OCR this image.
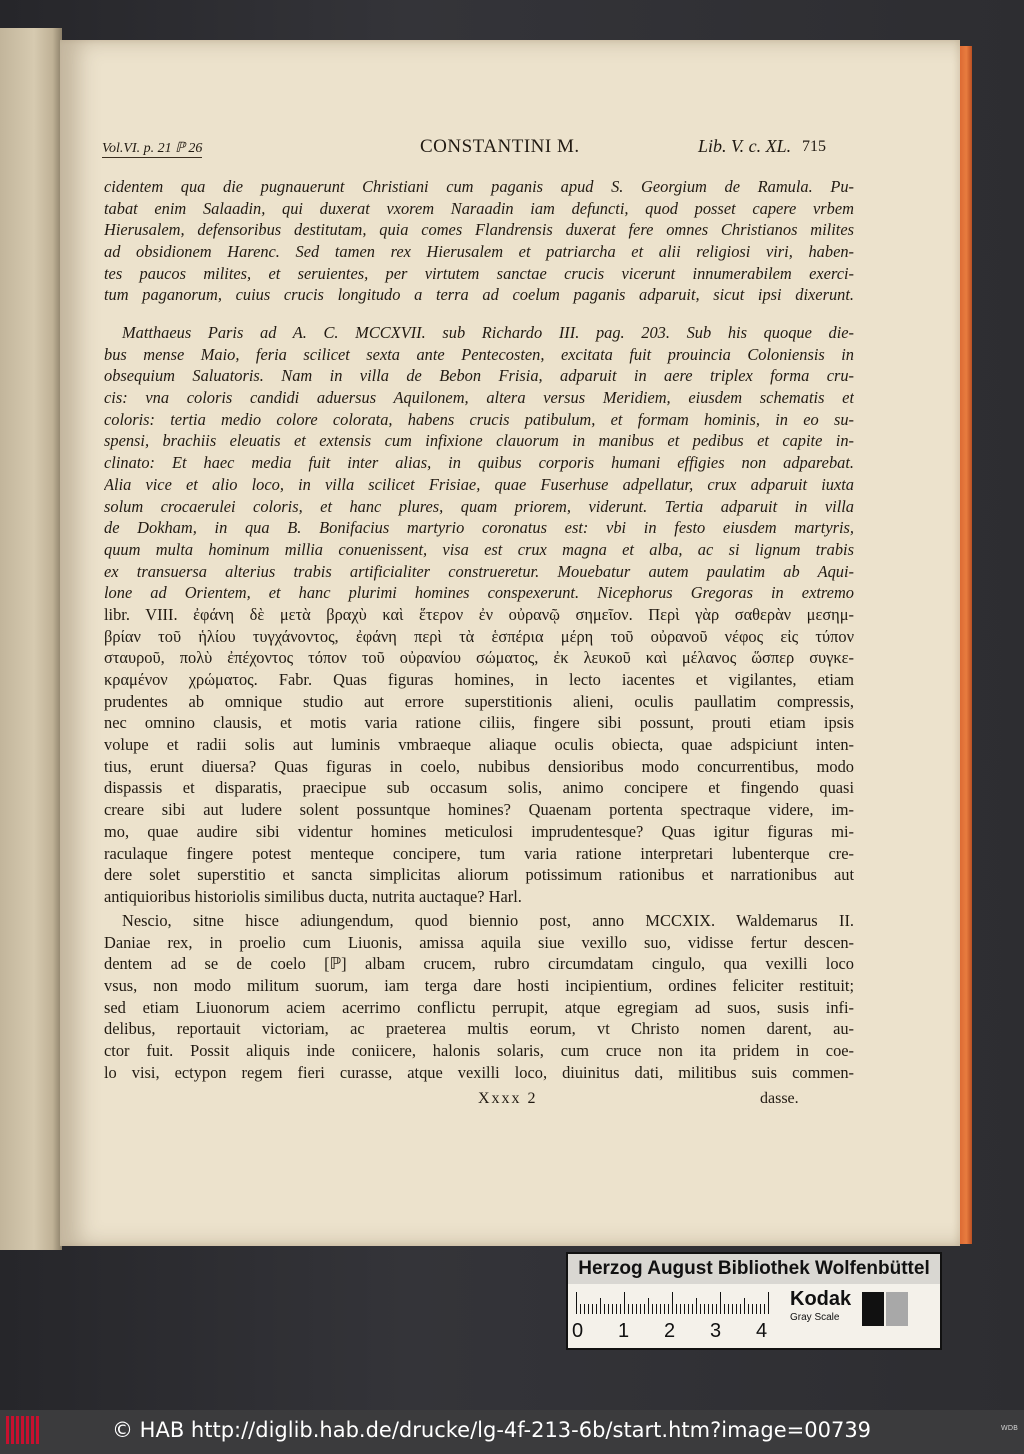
Vol.VI. p. 21 ℙ 26	CONSTANTINI M.	Lib. V. c. XL. 715
cidentem qua die pugnauerunt Christiani cum paganis apud S. Georgium de Ramula. Pu-
tabat enim Salaadin, qui duxerat vxorem Naraadin iam defuncti, quod posset capere vrbem
Hierusalem, defensoribus destitutam, quia comes Flandrensis duxerat fere omnes Christianos milites
ad obsidionem Harenc. Sed tamen rex Hierusalem et patriarcha et alii religiosi viri, haben-
tes paucos milites, et seruientes, per virtutem sanctae crucis vicerunt innumerabilem exerci-
tum paganorum, cuius crucis longitudo a terra ad coelum paganis adparuit, sicut ipsi dixerunt.
Matthaeus Paris ad A. C. MCCXVII. sub Richardo III. pag. 203. Sub his quoque die-
bus mense Maio, feria scilicet sexta ante Pentecosten, excitata fuit prouincia Coloniensis in
obsequium Saluatoris. Nam in villa de Bebon Frisia, adparuit in aere triplex forma cru-
cis: vna coloris candidi aduersus Aquilonem, altera versus Meridiem, eiusdem schematis et
coloris: tertia medio colore colorata, habens crucis patibulum, et formam hominis, in eo su-
spensi, brachiis eleuatis et extensis cum infixione clauorum in manibus et pedibus et capite in-
clinato: Et haec media fuit inter alias, in quibus corporis humani effigies non adparebat.
Alia vice et alio loco, in villa scilicet Frisiae, quae Fuserhuse adpellatur, crux adparuit iuxta
solum crocaerulei coloris, et hanc plures, quam priorem, viderunt. Tertia adparuit in villa
de Dokham, in qua B. Bonifacius martyrio coronatus est: vbi in festo eiusdem martyris,
quum multa hominum millia conuenissent, visa est crux magna et alba, ac si lignum trabis
ex transuersa alterius trabis artificialiter construeretur. Mouebatur autem paulatim ab Aqui-
lone ad Orientem, et hanc plurimi homines conspexerunt. Nicephorus Gregoras in extremo
libr. VIII. ἐφάνη δὲ μετὰ βραχὺ καὶ ἕτερον ἐν οὐρανῷ σημεῖον. Περὶ γὰρ σαθερὰν μεσημ-
βρίαν τοῦ ἡλίου τυγχάνοντος, ἐφάνη περὶ τὰ ἑσπέρια μέρη τοῦ οὐρανοῦ νέφος εἰς τύπον
σταυροῦ, πολὺ ἐπέχοντος τόπον τοῦ οὐρανίου σώματος, ἐκ λευκοῦ καὶ μέλανος ὥσπερ συγκε-
κραμένον χρώματος. Fabr. Quas figuras homines, in lecto iacentes et vigilantes, etiam
prudentes ab omnique studio aut errore superstitionis alieni, oculis paullatim compressis,
nec omnino clausis, et motis varia ratione ciliis, fingere sibi possunt, prouti etiam ipsis
volupe et radii solis aut luminis vmbraeque aliaque oculis obiecta, quae adspiciunt inten-
tius, erunt diuersa? Quas figuras in coelo, nubibus densioribus modo concurrentibus, modo
dispassis et disparatis, praecipue sub occasum solis, animo concipere et fingendo quasi
creare sibi aut ludere solent possuntque homines? Quaenam portenta spectraque videre, im-
mo, quae audire sibi videntur homines meticulosi imprudentesque? Quas igitur figuras mi-
raculaque fingere potest menteque concipere, tum varia ratione interpretari lubenterque cre-
dere solet superstitio et sancta simplicitas aliorum potissimum rationibus et narrationibus aut
antiquioribus historiolis similibus ducta, nutrita auctaque? Harl.
Nescio, sitne hisce adiungendum, quod biennio post, anno MCCXIX. Waldemarus II.
Daniae rex, in proelio cum Liuonis, amissa aquila siue vexillo suo, vidisse fertur descen-
dentem ad se de coelo [ℙ] albam crucem, rubro circumdatam cingulo, qua vexilli loco
vsus, non modo militum suorum, iam terga dare hosti incipientium, ordines feliciter restituit;
sed etiam Liuonorum aciem acerrimo conflictu perrupit, atque egregiam ad suos, susis infi-
delibus, reportauit victoriam, ac praeterea multis eorum, vt Christo nomen darent, au-
ctor fuit. Possit aliquis inde coniicere, halonis solaris, cum cruce non ita pridem in coe-
lo visi, ectypon regem fieri curasse, atque vexilli loco, diuinitus dati, militibus suis commen-
Xxxx 2	dasse.
Herzog August Bibliothek Wolfenbüttel
0 1 2 3 4
Kodak
Gray Scale
© HAB http://diglib.hab.de/drucke/lg-4f-213-6b/start.htm?image=00739	WDB
